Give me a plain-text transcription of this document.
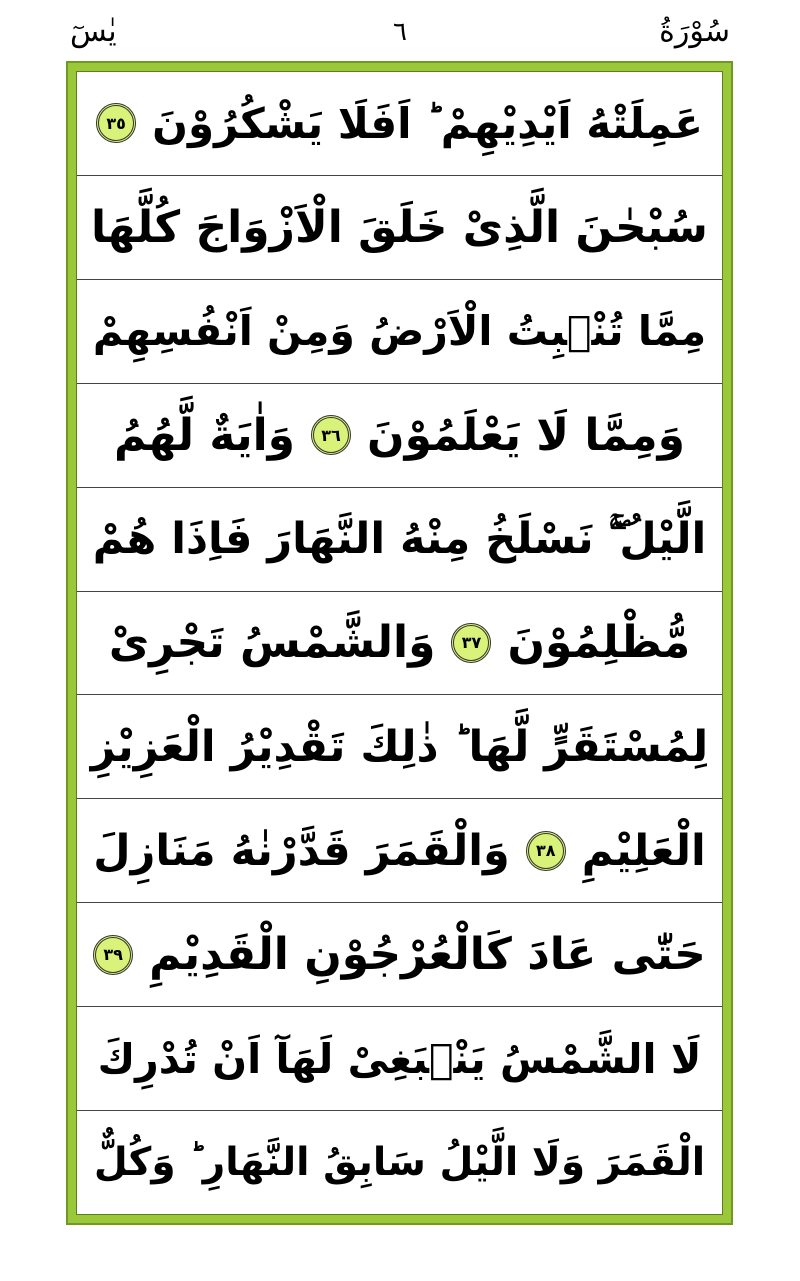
یٰسٓ	٦	سُوْرَةُ
عَمِلَتْهُ اَيْدِيْهِمْ ؕ اَفَلَا يَشْكُرُوْنَ
٣٥
سُبْحٰنَ الَّذِىْ خَلَقَ الْاَزْوَاجَ كُلَّهَا
مِمَّا تُنْۢبِتُ الْاَرْضُ وَمِنْ اَنْفُسِهِمْ
وَمِمَّا لَا يَعْلَمُوْنَ
٣٦
وَاٰيَةٌ لَّهُمُ
الَّيْلُ ۖۚ نَسْلَخُ مِنْهُ النَّهَارَ فَاِذَا هُمْ
مُّظْلِمُوْنَ
٣٧
وَالشَّمْسُ تَجْرِىْ
لِمُسْتَقَرٍّ لَّهَا ؕ ذٰلِكَ تَقْدِيْرُ الْعَزِيْزِ
الْعَلِيْمِ
٣٨
وَالْقَمَرَ قَدَّرْنٰهُ مَنَازِلَ
حَتّٰى عَادَ كَالْعُرْجُوْنِ الْقَدِيْمِ
٣٩
لَا الشَّمْسُ يَنْۢبَغِىْ لَهَآ اَنْ تُدْرِكَ
الْقَمَرَ وَلَا الَّيْلُ سَابِقُ النَّهَارِ ؕ وَكُلٌّ
